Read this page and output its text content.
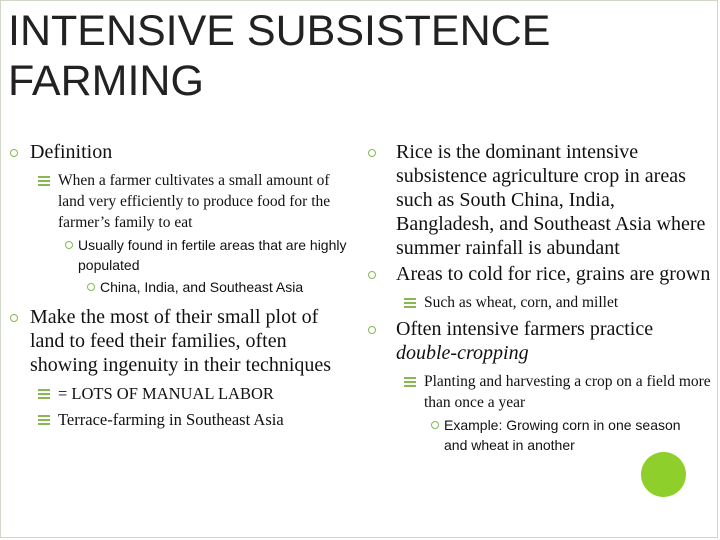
INTENSIVE SUBSISTENCE
FARMING
Definition
When a farmer cultivates a small amount of land very efficiently to produce food for the farmer’s family to eat
Usually found in fertile areas that are highly populated
China, India, and Southeast Asia
Make the most of their small plot of land to feed their families, often showing ingenuity in their techniques
= LOTS OF MANUAL LABOR
Terrace-farming in Southeast Asia
Rice is the dominant intensive subsistence agriculture crop in areas such as South China, India, Bangladesh, and Southeast Asia where summer rainfall is abundant
Areas to cold for rice, grains are grown
Such as wheat, corn, and millet
Often intensive farmers practice double-cropping
Planting and harvesting a crop on a field more than once a year
Example: Growing corn in one season and wheat in another
